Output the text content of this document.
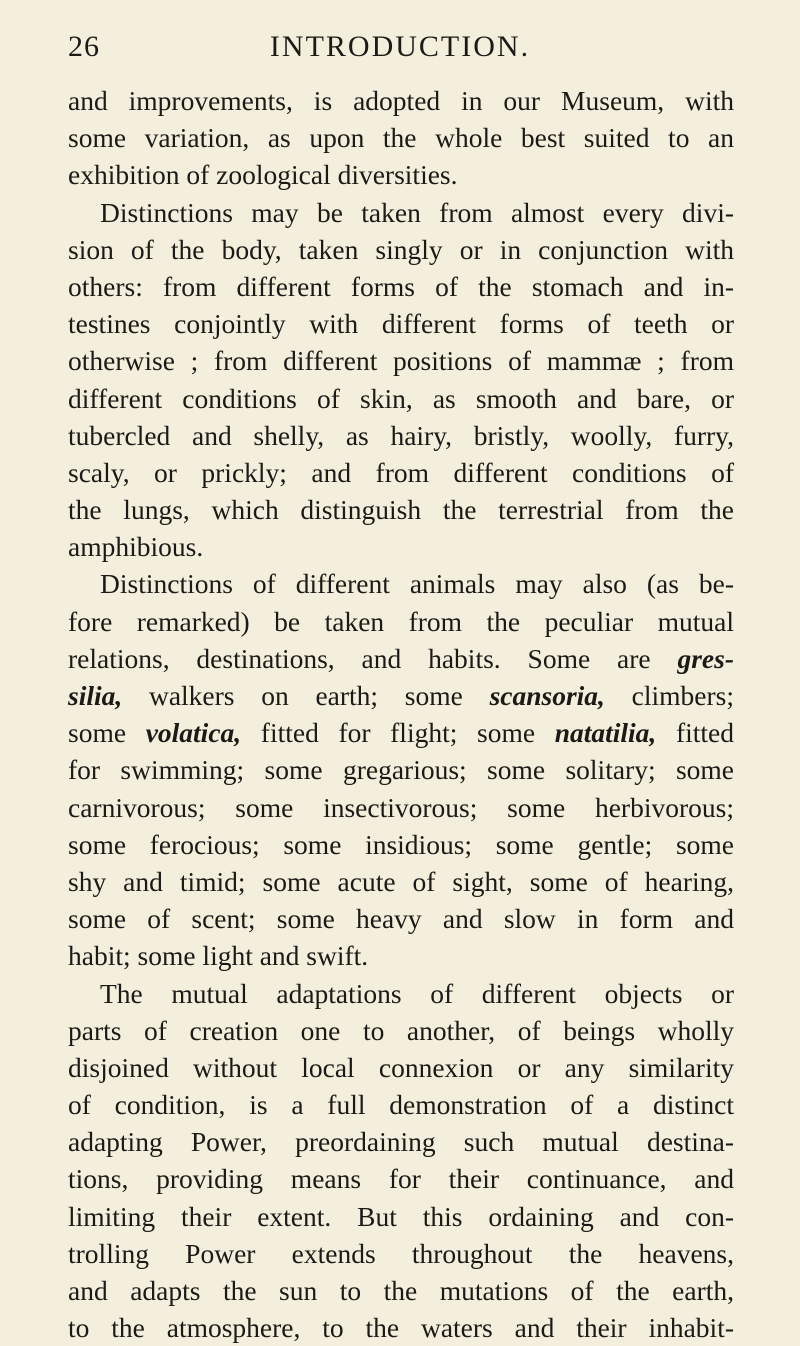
26	INTRODUCTION.
and improvements, is adopted in our Museum, with
some variation, as upon the whole best suited to an
exhibition of zoological diversities.
Distinctions may be taken from almost every divi-
sion of the body, taken singly or in conjunction with
others: from different forms of the stomach and in-
testines conjointly with different forms of teeth or
otherwise ; from different positions of mammæ ; from
different conditions of skin, as smooth and bare, or
tubercled and shelly, as hairy, bristly, woolly, furry,
scaly, or prickly; and from different conditions of
the lungs, which distinguish the terrestrial from the
amphibious.
Distinctions of different animals may also (as be-
fore remarked) be taken from the peculiar mutual
relations, destinations, and habits. Some are gres-
silia, walkers on earth; some scansoria, climbers;
some volatica, fitted for flight; some natatilia, fitted
for swimming; some gregarious; some solitary; some
carnivorous; some insectivorous; some herbivorous;
some ferocious; some insidious; some gentle; some
shy and timid; some acute of sight, some of hearing,
some of scent; some heavy and slow in form and
habit; some light and swift.
The mutual adaptations of different objects or
parts of creation one to another, of beings wholly
disjoined without local connexion or any similarity
of condition, is a full demonstration of a distinct
adapting Power, preordaining such mutual destina-
tions, providing means for their continuance, and
limiting their extent. But this ordaining and con-
trolling Power extends throughout the heavens,
and adapts the sun to the mutations of the earth,
to the atmosphere, to the waters and their inhabit-
